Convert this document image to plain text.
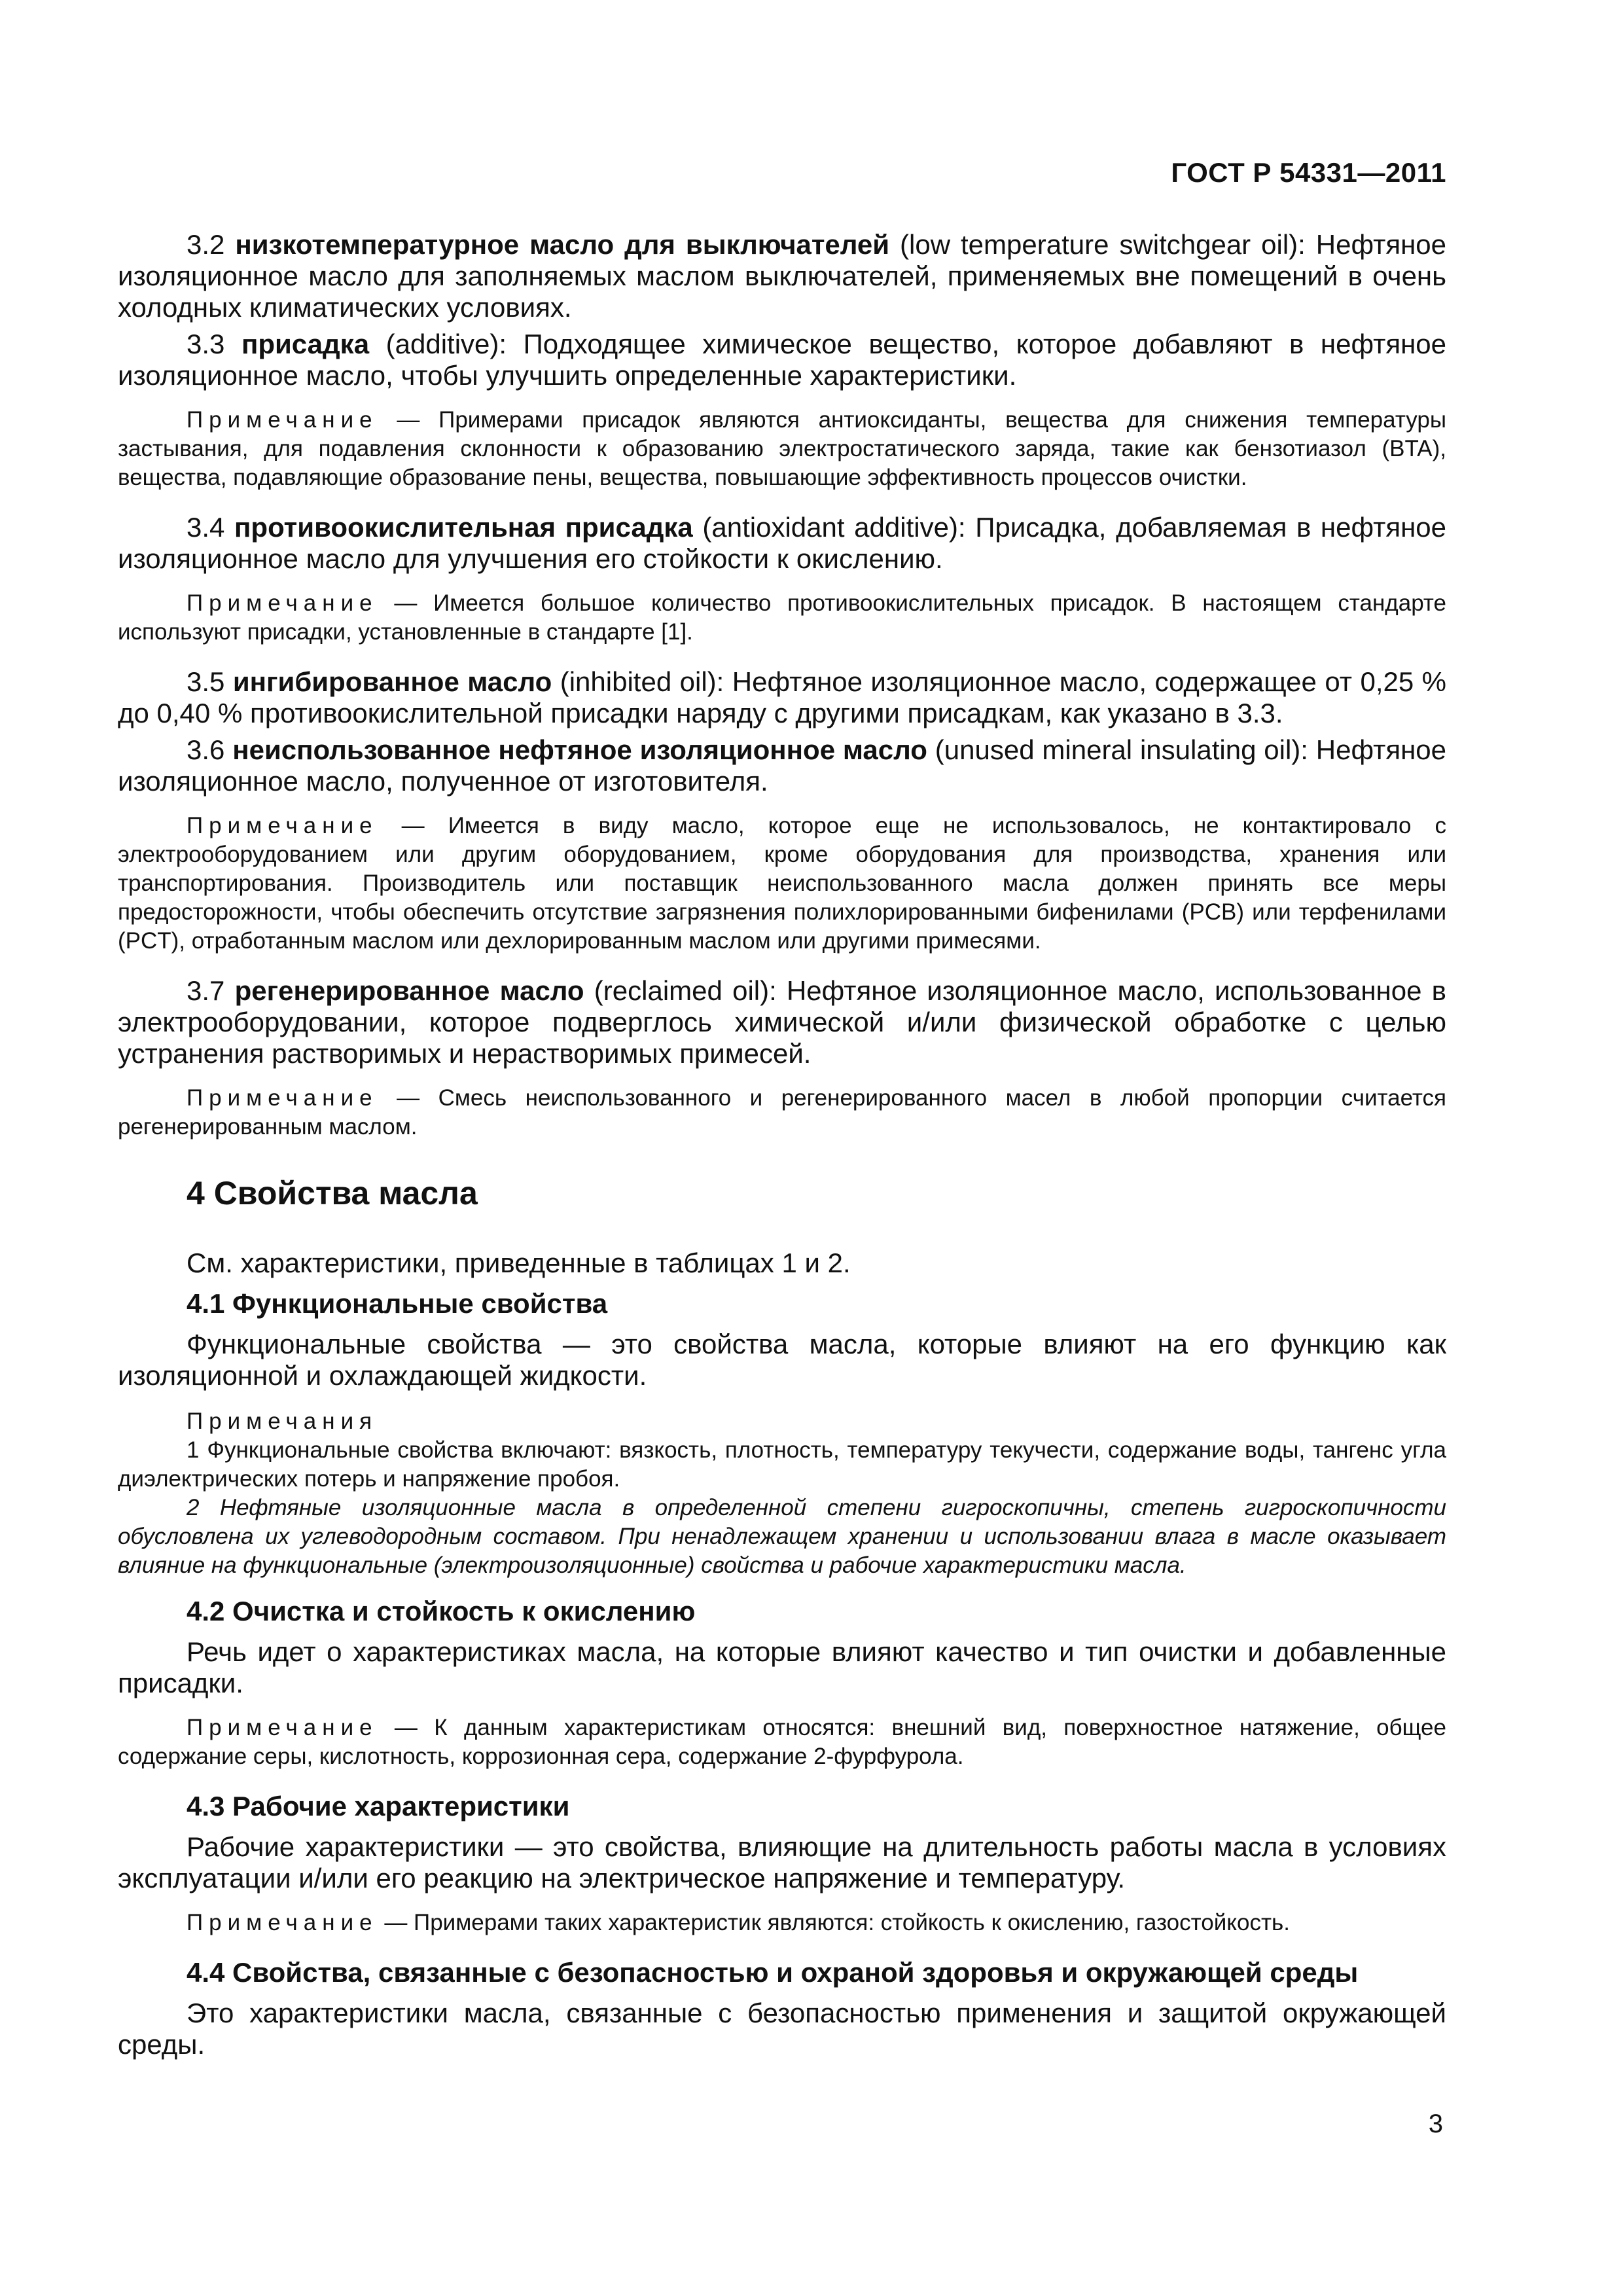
ГОСТ Р 54331—2011

3.2 низкотемпературное масло для выключателей (low temperature switchgear oil): Нефтяное изоляционное масло для заполняемых маслом выключателей, применяемых вне помещений в очень холодных климатических условиях.

3.3 присадка (additive): Подходящее химическое вещество, которое добавляют в нефтяное изоляционное масло, чтобы улучшить определенные характеристики.

Примечание — Примерами присадок являются антиоксиданты, вещества для снижения температуры застывания, для подавления склонности к образованию электростатического заряда, такие как бензотиазол (BTA), вещества, подавляющие образование пены, вещества, повышающие эффективность процессов очистки.

3.4 противоокислительная присадка (antioxidant additive): Присадка, добавляемая в нефтяное изоляционное масло для улучшения его стойкости к окислению.

Примечание — Имеется большое количество противоокислительных присадок. В настоящем стандарте используют присадки, установленные в стандарте [1].

3.5 ингибированное масло (inhibited oil): Нефтяное изоляционное масло, содержащее от 0,25 % до 0,40 % противоокислительной присадки наряду с другими присадкам, как указано в 3.3.

3.6 неиспользованное нефтяное изоляционное масло (unused mineral insulating oil): Нефтяное изоляционное масло, полученное от изготовителя.

Примечание — Имеется в виду масло, которое еще не использовалось, не контактировало с электрооборудованием или другим оборудованием, кроме оборудования для производства, хранения или транспортирования. Производитель или поставщик неиспользованного масла должен принять все меры предосторожности, чтобы обеспечить отсутствие загрязнения полихлорированными бифенилами (PCB) или терфенилами (PCT), отработанным маслом или дехлорированным маслом или другими примесями.

3.7 регенерированное масло (reclaimed oil): Нефтяное изоляционное масло, использованное в электрооборудовании, которое подверглось химической и/или физической обработке с целью устранения растворимых и нерастворимых примесей.

Примечание — Смесь неиспользованного и регенерированного масел в любой пропорции считается регенерированным маслом.

4 Свойства масла

См. характеристики, приведенные в таблицах 1 и 2.

4.1 Функциональные свойства

Функциональные свойства — это свойства масла, которые влияют на его функцию как изоляционной и охлаждающей жидкости.

Примечания

1 Функциональные свойства включают: вязкость, плотность, температуру текучести, содержание воды, тангенс угла диэлектрических потерь и напряжение пробоя.

2 Нефтяные изоляционные масла в определенной степени гигроскопичны, степень гигроскопичности обусловлена их углеводородным составом. При ненадлежащем хранении и использовании влага в масле оказывает влияние на функциональные (электроизоляционные) свойства и рабочие характеристики масла.

4.2 Очистка и стойкость к окислению

Речь идет о характеристиках масла, на которые влияют качество и тип очистки и добавленные присадки.

Примечание — К данным характеристикам относятся: внешний вид, поверхностное натяжение, общее содержание серы, кислотность, коррозионная сера, содержание 2-фурфурола.

4.3 Рабочие характеристики

Рабочие характеристики — это свойства, влияющие на длительность работы масла в условиях эксплуатации и/или его реакцию на электрическое напряжение и температуру.

Примечание — Примерами таких характеристик являются: стойкость к окислению, газостойкость.

4.4 Свойства, связанные с безопасностью и охраной здоровья и окружающей среды

Это характеристики масла, связанные с безопасностью применения и защитой окружающей среды.

3
